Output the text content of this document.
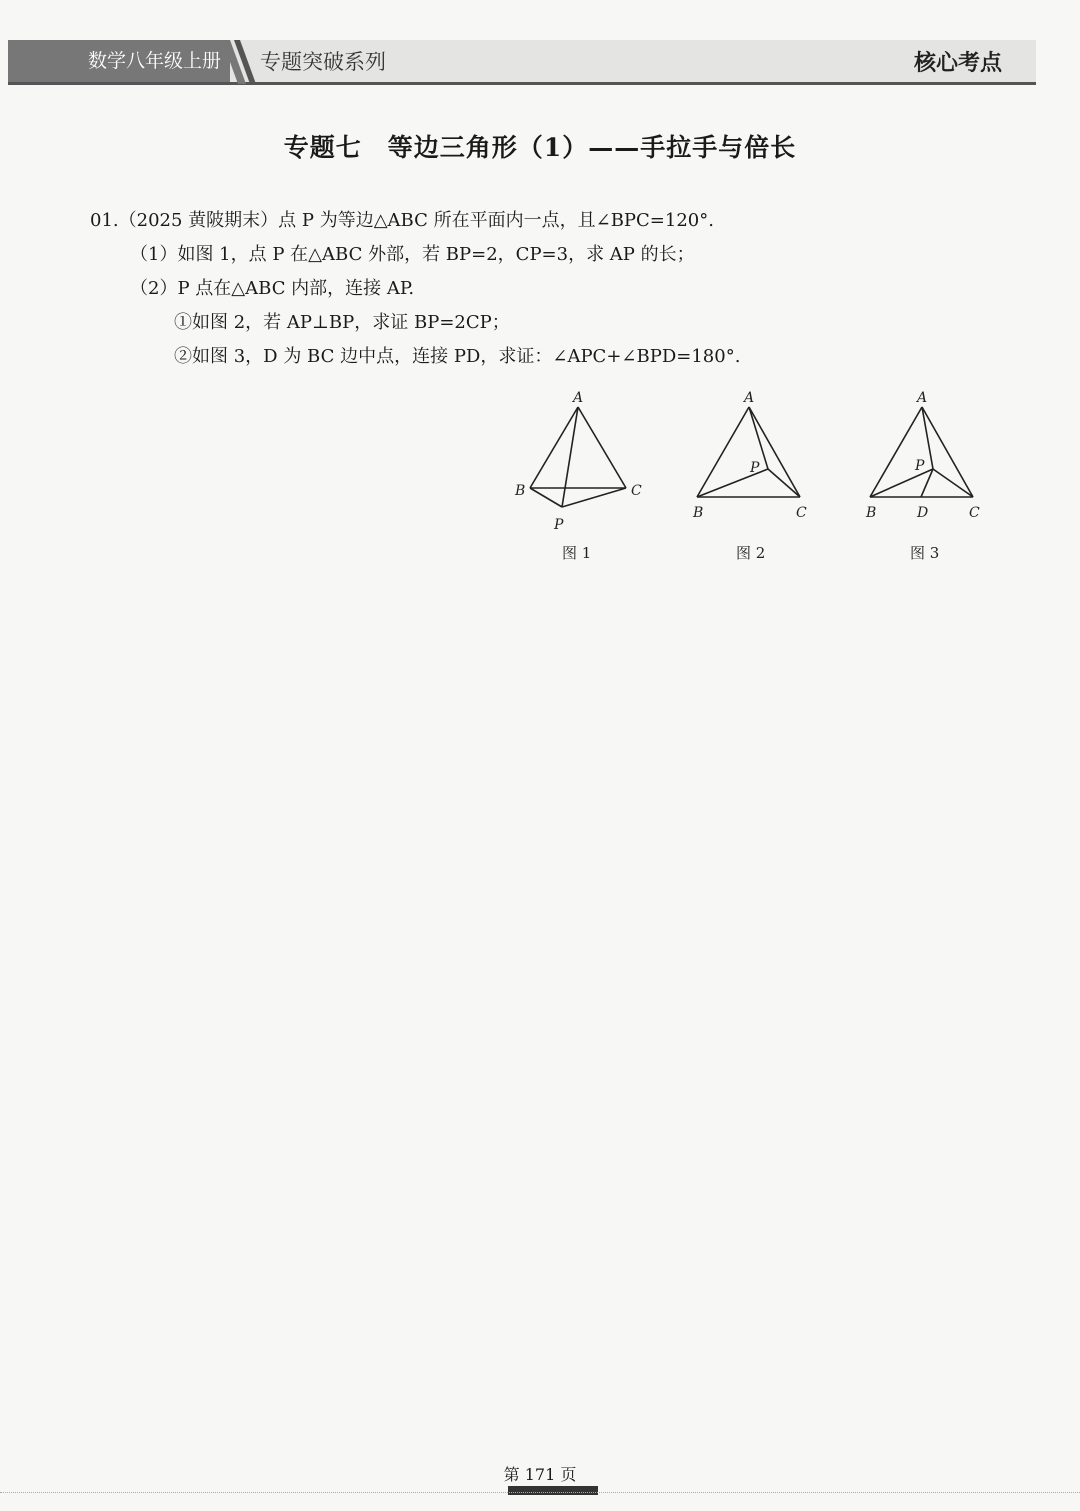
数学八年级上册	专题突破系列	核心考点
专题七　等边三角形（1）——手拉手与倍长
01.（2025 黄陂期末）点 P 为等边△ABC 所在平面内一点，且∠BPC=120°.
（1）如图 1，点 P 在△ABC 外部，若 BP=2，CP=3，求 AP 的长；
（2）P 点在△ABC 内部，连接 AP.
①如图 2，若 AP⊥BP，求证 BP=2CP；
②如图 3，D 为 BC 边中点，连接 PD，求证：∠APC+∠BPD=180°.
A
B	C
P
图 1
A
P
B	C
图 2
A
P
B	D	C
图 3
第 171 页
